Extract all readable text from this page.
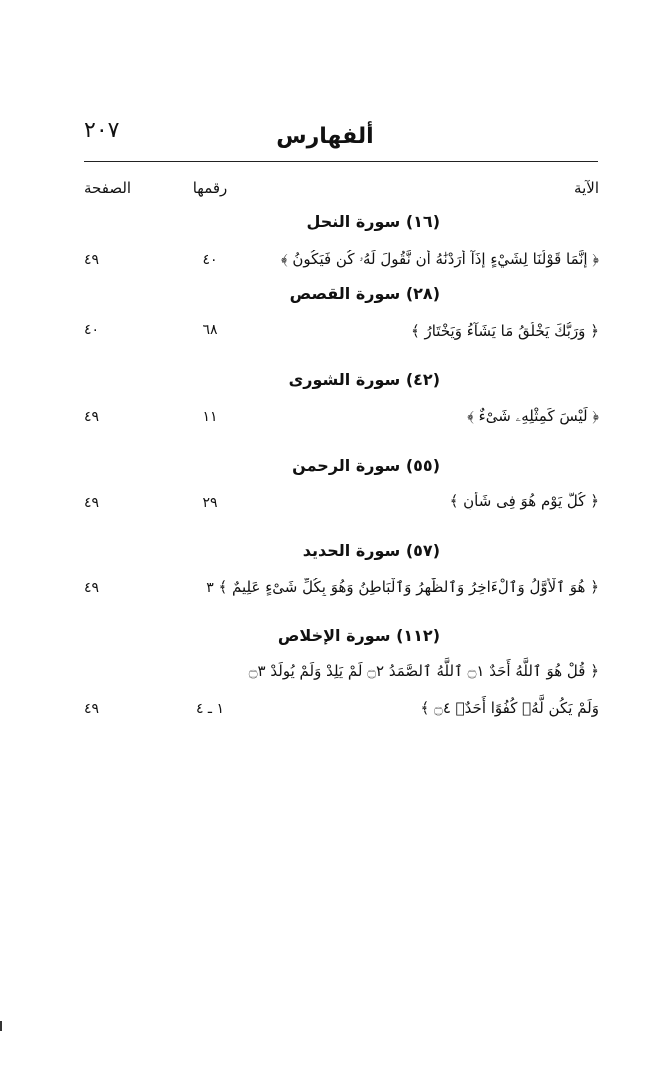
٢٠٧	ألفهارس
الآية
رقمها
الصفحة
(١٦) سورة النحل
﴿ إِنَّمَا قَوْلُنَا لِشَيْءٍ إِذَآ أَرَدْنَٰهُ أَن نَّقُولَ لَهُۥ كُن فَيَكُونُ ﴾
٤٠
٤٩
(٢٨) سورة القصص
﴿ وَرَبُّكَ يَخْلُقُ مَا يَشَآءُ وَيَخْتَارُ ﴾
٦٨
٤٠
(٤٢) سورة الشورى
﴿ لَيْسَ كَمِثْلِهِۦ شَىْءٌ ﴾
١١
٤٩
(٥٥) سورة الرحمن
﴿ كُلَّ يَوْمٍ هُوَ فِى شَأْنٍ ﴾
٢٩
٤٩
(٥٧) سورة الحديد
﴿ هُوَ ٱلْأَوَّلُ وَٱلْءَاخِرُ وَٱلظَّٰهِرُ وَٱلْبَاطِنُ وَهُوَ بِكُلِّ شَىْءٍ عَلِيمٌ ﴾
٣
٤٩
(١١٢) سورة الإخلاص
﴿ قُلْ هُوَ ٱللَّهُ أَحَدٌ ۝١ ٱللَّهُ ٱلصَّمَدُ ۝٢ لَمْ يَلِدْ وَلَمْ يُولَدْ ۝٣
وَلَمْ يَكُن لَّهُۥ كُفُوًا أَحَدٌۢ ۝٤ ﴾
١ ـ ٤
٤٩
